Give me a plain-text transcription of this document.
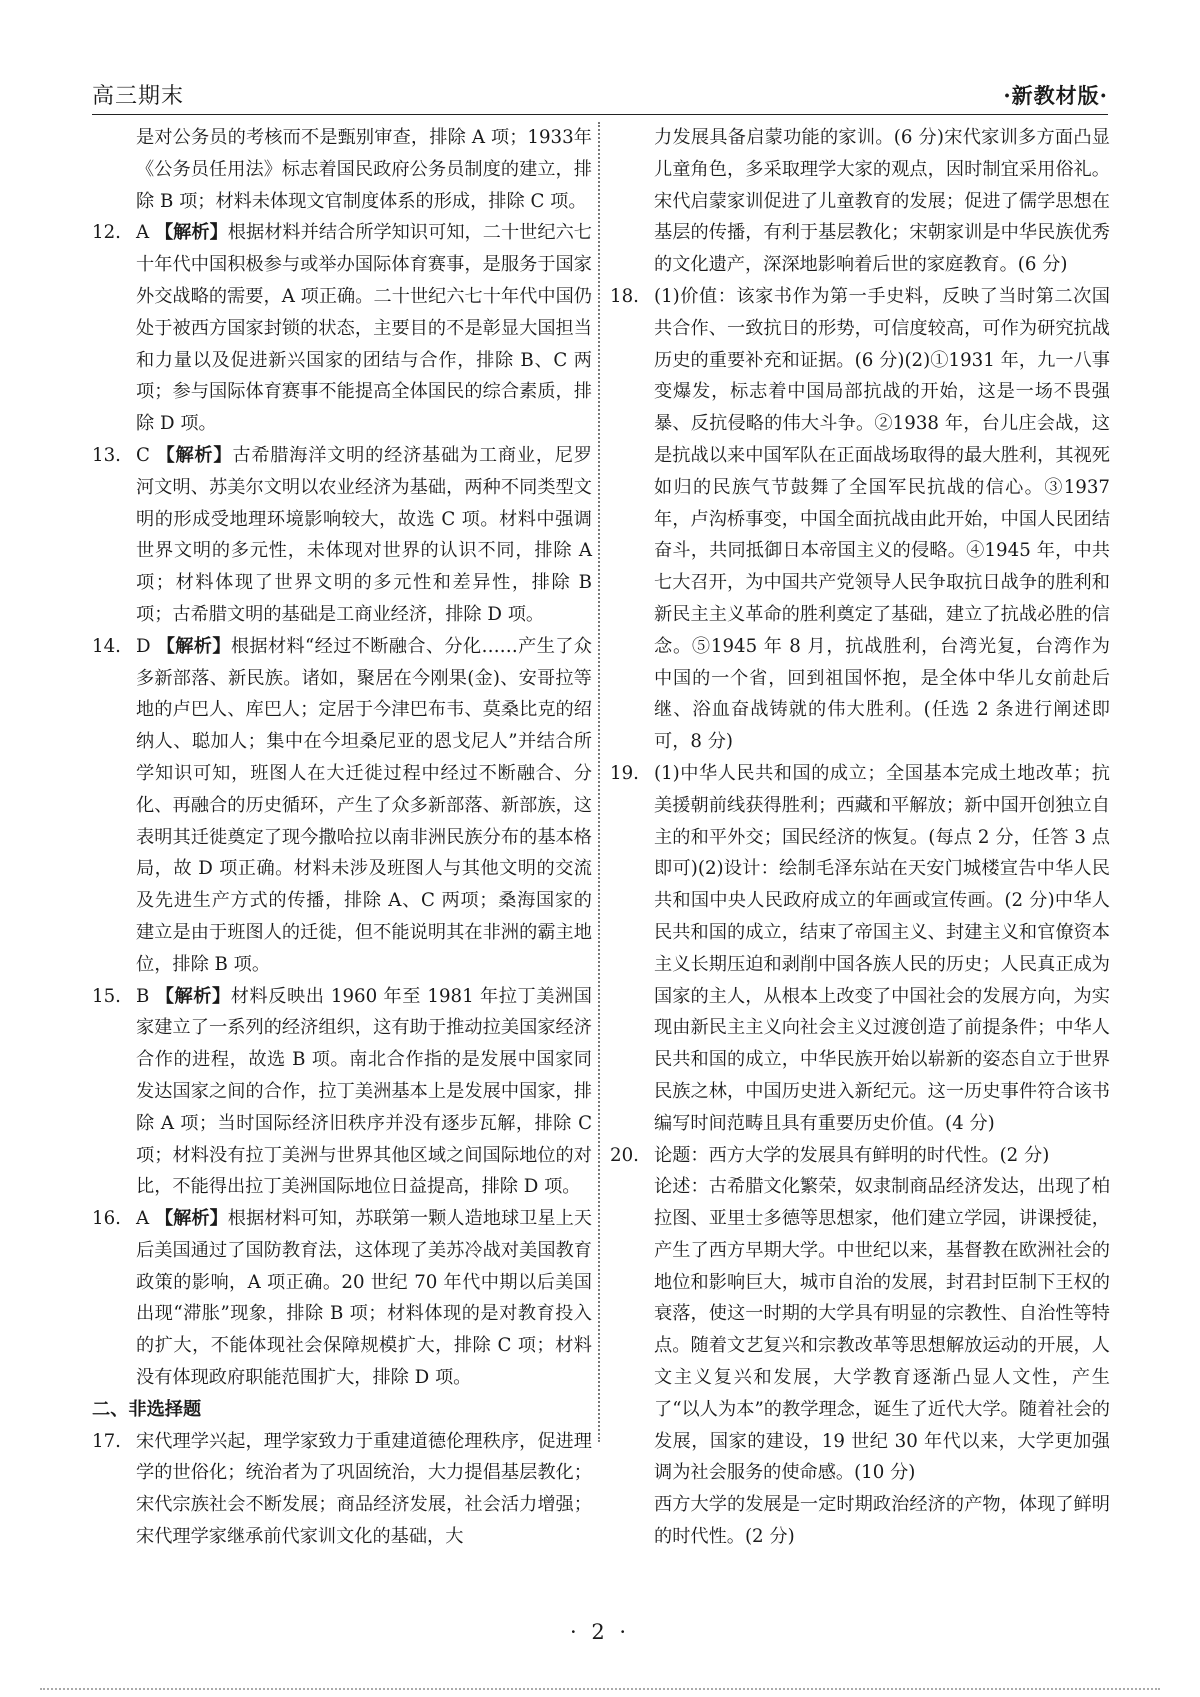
高三期末	·新教材版·
是对公务员的考核而不是甄别审查，排除 A 项；1933年《公务员任用法》标志着国民政府公务员制度的建立，排除 B 项；材料未体现文官制度体系的形成，排除 C 项。
12. A 【解析】根据材料并结合所学知识可知，二十世纪六七十年代中国积极参与或举办国际体育赛事，是服务于国家外交战略的需要，A 项正确。二十世纪六七十年代中国仍处于被西方国家封锁的状态，主要目的不是彰显大国担当和力量以及促进新兴国家的团结与合作，排除 B、C 两项；参与国际体育赛事不能提高全体国民的综合素质，排除 D 项。
13. C 【解析】古希腊海洋文明的经济基础为工商业，尼罗河文明、苏美尔文明以农业经济为基础，两种不同类型文明的形成受地理环境影响较大，故选 C 项。材料中强调世界文明的多元性，未体现对世界的认识不同，排除 A 项；材料体现了世界文明的多元性和差异性，排除 B 项；古希腊文明的基础是工商业经济，排除 D 项。
14. D 【解析】根据材料“经过不断融合、分化……产生了众多新部落、新民族。诸如，聚居在今刚果(金)、安哥拉等地的卢巴人、库巴人；定居于今津巴布韦、莫桑比克的绍纳人、聪加人；集中在今坦桑尼亚的恩戈尼人”并结合所学知识可知，班图人在大迁徙过程中经过不断融合、分化、再融合的历史循环，产生了众多新部落、新部族，这表明其迁徙奠定了现今撒哈拉以南非洲民族分布的基本格局，故 D 项正确。材料未涉及班图人与其他文明的交流及先进生产方式的传播，排除 A、C 两项；桑海国家的建立是由于班图人的迁徙，但不能说明其在非洲的霸主地位，排除 B 项。
15. B 【解析】材料反映出 1960 年至 1981 年拉丁美洲国家建立了一系列的经济组织，这有助于推动拉美国家经济合作的进程，故选 B 项。南北合作指的是发展中国家同发达国家之间的合作，拉丁美洲基本上是发展中国家，排除 A 项；当时国际经济旧秩序并没有逐步瓦解，排除 C 项；材料没有拉丁美洲与世界其他区域之间国际地位的对比，不能得出拉丁美洲国际地位日益提高，排除 D 项。
16. A 【解析】根据材料可知，苏联第一颗人造地球卫星上天后美国通过了国防教育法，这体现了美苏冷战对美国教育政策的影响，A 项正确。20 世纪 70 年代中期以后美国出现“滞胀”现象，排除 B 项；材料体现的是对教育投入的扩大，不能体现社会保障规模扩大，排除 C 项；材料没有体现政府职能范围扩大，排除 D 项。
二、非选择题
17. 宋代理学兴起，理学家致力于重建道德伦理秩序，促进理学的世俗化；统治者为了巩固统治，大力提倡基层教化；宋代宗族社会不断发展；商品经济发展，社会活力增强；宋代理学家继承前代家训文化的基础，大
力发展具备启蒙功能的家训。(6 分)宋代家训多方面凸显儿童角色，多采取理学大家的观点，因时制宜采用俗礼。宋代启蒙家训促进了儿童教育的发展；促进了儒学思想在基层的传播，有利于基层教化；宋朝家训是中华民族优秀的文化遗产，深深地影响着后世的家庭教育。(6 分)
18. (1)价值：该家书作为第一手史料，反映了当时第二次国共合作、一致抗日的形势，可信度较高，可作为研究抗战历史的重要补充和证据。(6 分)(2)①1931 年，九一八事变爆发，标志着中国局部抗战的开始，这是一场不畏强暴、反抗侵略的伟大斗争。②1938 年，台儿庄会战，这是抗战以来中国军队在正面战场取得的最大胜利，其视死如归的民族气节鼓舞了全国军民抗战的信心。③1937 年，卢沟桥事变，中国全面抗战由此开始，中国人民团结奋斗，共同抵御日本帝国主义的侵略。④1945 年，中共七大召开，为中国共产党领导人民争取抗日战争的胜利和新民主主义革命的胜利奠定了基础，建立了抗战必胜的信念。⑤1945 年 8 月，抗战胜利，台湾光复，台湾作为中国的一个省，回到祖国怀抱，是全体中华儿女前赴后继、浴血奋战铸就的伟大胜利。(任选 2 条进行阐述即可，8 分)
19. (1)中华人民共和国的成立；全国基本完成土地改革；抗美援朝前线获得胜利；西藏和平解放；新中国开创独立自主的和平外交；国民经济的恢复。(每点 2 分，任答 3 点即可)(2)设计：绘制毛泽东站在天安门城楼宣告中华人民共和国中央人民政府成立的年画或宣传画。(2 分)中华人民共和国的成立，结束了帝国主义、封建主义和官僚资本主义长期压迫和剥削中国各族人民的历史；人民真正成为国家的主人，从根本上改变了中国社会的发展方向，为实现由新民主主义向社会主义过渡创造了前提条件；中华人民共和国的成立，中华民族开始以崭新的姿态自立于世界民族之林，中国历史进入新纪元。这一历史事件符合该书编写时间范畴且具有重要历史价值。(4 分)
20. 论题：西方大学的发展具有鲜明的时代性。(2 分)
论述：古希腊文化繁荣，奴隶制商品经济发达，出现了柏拉图、亚里士多德等思想家，他们建立学园，讲课授徒，产生了西方早期大学。中世纪以来，基督教在欧洲社会的地位和影响巨大，城市自治的发展，封君封臣制下王权的衰落，使这一时期的大学具有明显的宗教性、自治性等特点。随着文艺复兴和宗教改革等思想解放运动的开展，人文主义复兴和发展，大学教育逐渐凸显人文性，产生了“以人为本”的教学理念，诞生了近代大学。随着社会的发展，国家的建设，19 世纪 30 年代以来，大学更加强调为社会服务的使命感。(10 分)
西方大学的发展是一定时期政治经济的产物，体现了鲜明的时代性。(2 分)
· 2 ·
